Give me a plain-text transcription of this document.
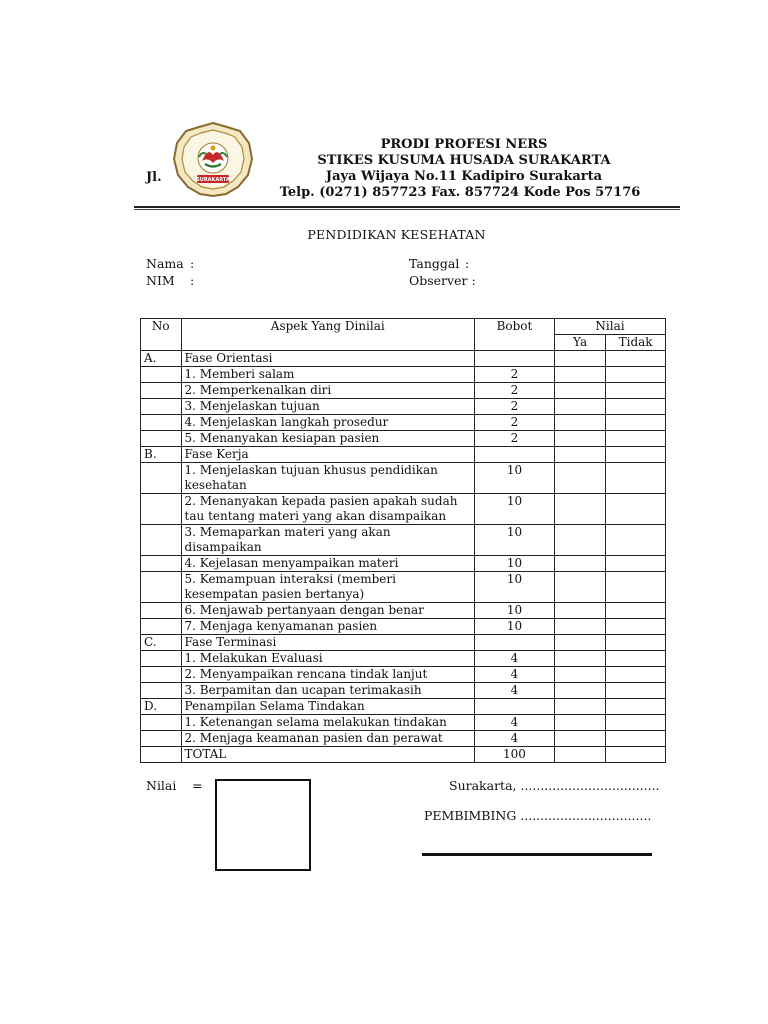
SURAKARTA
Jl.
PRODI PROFESI NERS
STIKES KUSUMA HUSADA SURAKARTA
Jaya Wijaya No.11 Kadipiro Surakarta
Telp. (0271) 857723 Fax. 857724 Kode Pos 57176
PENDIDIKAN KESEHATAN
Nama :
NIM :
Tanggal :
Observer :
No	Aspek Yang Dinilai	Bobot	Nilai	
			Ya	Tidak
A.	Fase Orientasi			
	1. Memberi salam	2		
	2. Memperkenalkan diri	2		
	3. Menjelaskan tujuan	2		
	4. Menjelaskan langkah prosedur	2		
	5. Menanyakan kesiapan pasien	2		
B.	Fase Kerja			
	1. Menjelaskan tujuan khusus pendidikan kesehatan	10		
	2. Menanyakan kepada pasien apakah sudah tau tentang materi yang akan disampaikan	10		
	3. Memaparkan materi yang akan disampaikan	10		
	4. Kejelasan menyampaikan materi	10		
	5. Kemampuan interaksi (memberi kesempatan pasien bertanya)	10		
	6. Menjawab pertanyaan dengan benar	10		
	7. Menjaga kenyamanan pasien	10		
C.	Fase Terminasi			
	1. Melakukan Evaluasi	4		
	2. Menyampaikan rencana tindak lanjut	4		
	3. Berpamitan dan ucapan terimakasih	4		
D.	Penampilan Selama Tindakan			
	1. Ketenangan selama melakukan tindakan	4		
	2. Menjaga keamanan pasien dan perawat	4		
	TOTAL	100		
Nilai =	Surakarta, ...................................
PEMBIMBING .................................
